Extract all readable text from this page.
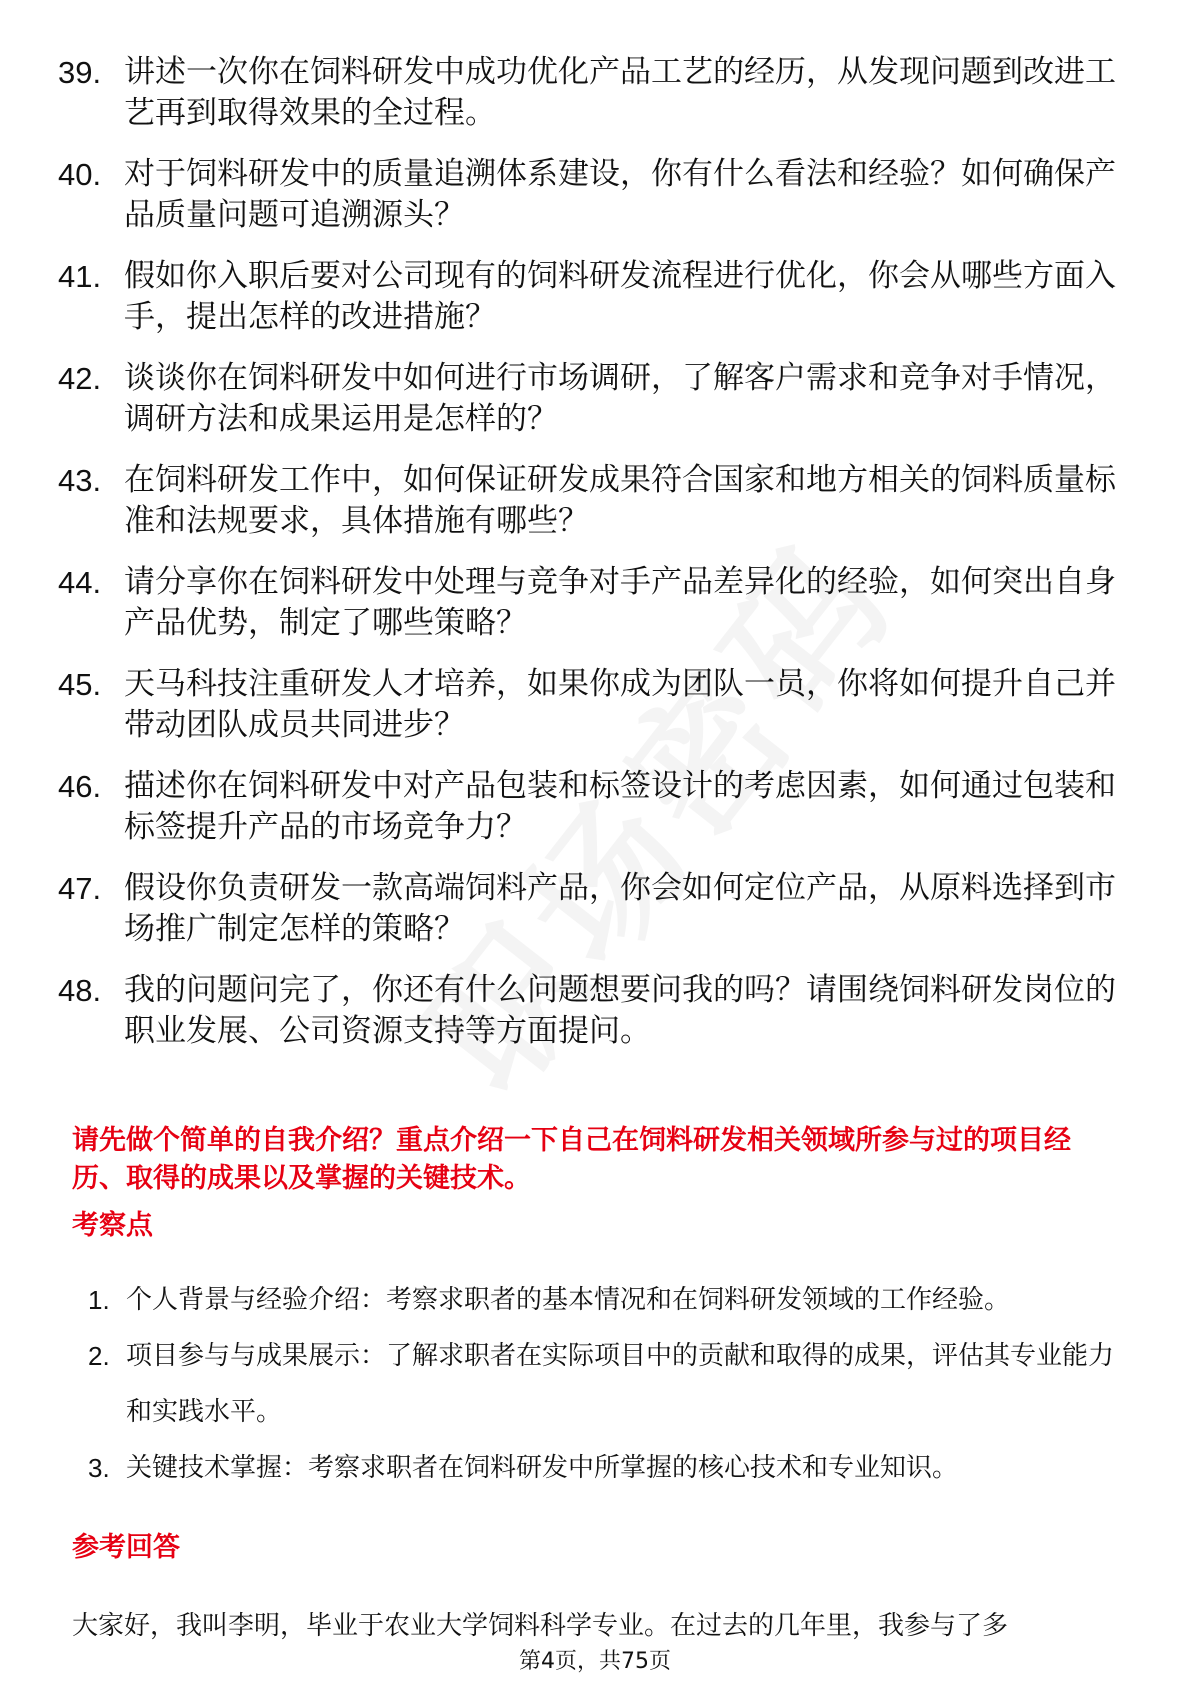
39. 讲述一次你在饲料研发中成功优化产品工艺的经历，从发现问题到改进工艺再到取得效果的全过程。
40. 对于饲料研发中的质量追溯体系建设，你有什么看法和经验？如何确保产品质量问题可追溯源头？
41. 假如你入职后要对公司现有的饲料研发流程进行优化，你会从哪些方面入手，提出怎样的改进措施？
42. 谈谈你在饲料研发中如何进行市场调研，了解客户需求和竞争对手情况，调研方法和成果运用是怎样的？
43. 在饲料研发工作中，如何保证研发成果符合国家和地方相关的饲料质量标准和法规要求，具体措施有哪些？
44. 请分享你在饲料研发中处理与竞争对手产品差异化的经验，如何突出自身产品优势，制定了哪些策略？
45. 天马科技注重研发人才培养，如果你成为团队一员，你将如何提升自己并带动团队成员共同进步？
46. 描述你在饲料研发中对产品包装和标签设计的考虑因素，如何通过包装和标签提升产品的市场竞争力？
47. 假设你负责研发一款高端饲料产品，你会如何定位产品，从原料选择到市场推广制定怎样的策略？
48. 我的问题问完了，你还有什么问题想要问我的吗？请围绕饲料研发岗位的职业发展、公司资源支持等方面提问。
请先做个简单的自我介绍？重点介绍一下自己在饲料研发相关领域所参与过的项目经历、取得的成果以及掌握的关键技术。
考察点
1. 个人背景与经验介绍：考察求职者的基本情况和在饲料研发领域的工作经验。
2. 项目参与与成果展示：了解求职者在实际项目中的贡献和取得的成果，评估其专业能力和实践水平。
3. 关键技术掌握：考察求职者在饲料研发中所掌握的核心技术和专业知识。
参考回答
大家好，我叫李明，毕业于农业大学饲料科学专业。在过去的几年里，我参与了多
第4页，共75页
